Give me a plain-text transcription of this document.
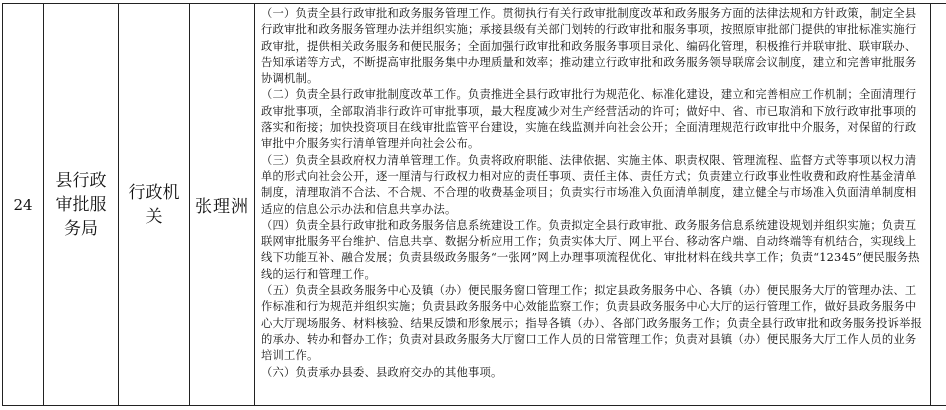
24	县行政审批服务局	行政机关	张理洲	

（一）负责全县行政审批和政务服务管理工作。贯彻执行有关行政审批制度改革和政务服务方面的法律法规和方针政策，制定全县行政审批和政务服务管理办法并组织实施；承接县级有关部门划转的行政审批和服务事项，按照原审批部门提供的审批标准实施行政审批，提供相关政务服务和便民服务；全面加强行政审批和政务服务事项目录化、编码化管理，积极推行并联审批、联审联办、告知承诺等方式，不断提高审批服务集中办理质量和效率；推动建立行政审批和政务服务领导联席会议制度，建立和完善审批服务协调机制。

（二）负责全县行政审批制度改革工作。负责推进全县行政审批行为规范化、标准化建设，建立和完善相应工作机制；全面清理行政审批事项，全部取消非行政许可审批事项，最大程度减少对生产经营活动的许可；做好中、省、市已取消和下放行政审批事项的落实和衔接；加快投资项目在线审批监管平台建设，实施在线监测并向社会公开；全面清理规范行政审批中介服务，对保留的行政审批中介服务实行清单管理并向社会公布。

（三）负责全县政府权力清单管理工作。负责将政府职能、法律依据、实施主体、职责权限、管理流程、监督方式等事项以权力清单的形式向社会公开，逐一厘清与行政权力相对应的责任事项、责任主体、责任方式；负责建立行政事业性收费和政府性基金清单制度，清理取消不合法、不合规、不合理的收费基金项目；负责实行市场准入负面清单制度，建立健全与市场准入负面清单制度相适应的信息公示办法和信息共享办法。

（四）负责全县行政审批和政务服务信息系统建设工作。负责拟定全县行政审批、政务服务信息系统建设规划并组织实施；负责互联网审批服务平台维护、信息共享、数据分析应用工作；负责实体大厅、网上平台、移动客户端、自动终端等有机结合，实现线上线下功能互补、融合发展；负责县级政务服务“一张网”网上办理事项流程优化、审批材料在线共享工作；负责“12345”便民服务热线的运行和管理工作。

（五）负责全县政务服务中心及镇（办）便民服务窗口管理工作；拟定县政务服务中心、各镇（办）便民服务大厅的管理办法、工作标准和行为规范并组织实施；负责县政务服务中心效能监察工作；负责县政务服务中心大厅的运行管理工作，做好县政务服务中心大厅现场服务、材料核验、结果反馈和形象展示；指导各镇（办）、各部门政务服务工作；负责全县行政审批和政务服务投诉举报的承办、转办和督办工作；负责对县政务服务大厅窗口工作人员的日常管理工作；负责对县镇（办）便民服务大厅工作人员的业务培训工作。

（六）负责承办县委、县政府交办的其他事项。
